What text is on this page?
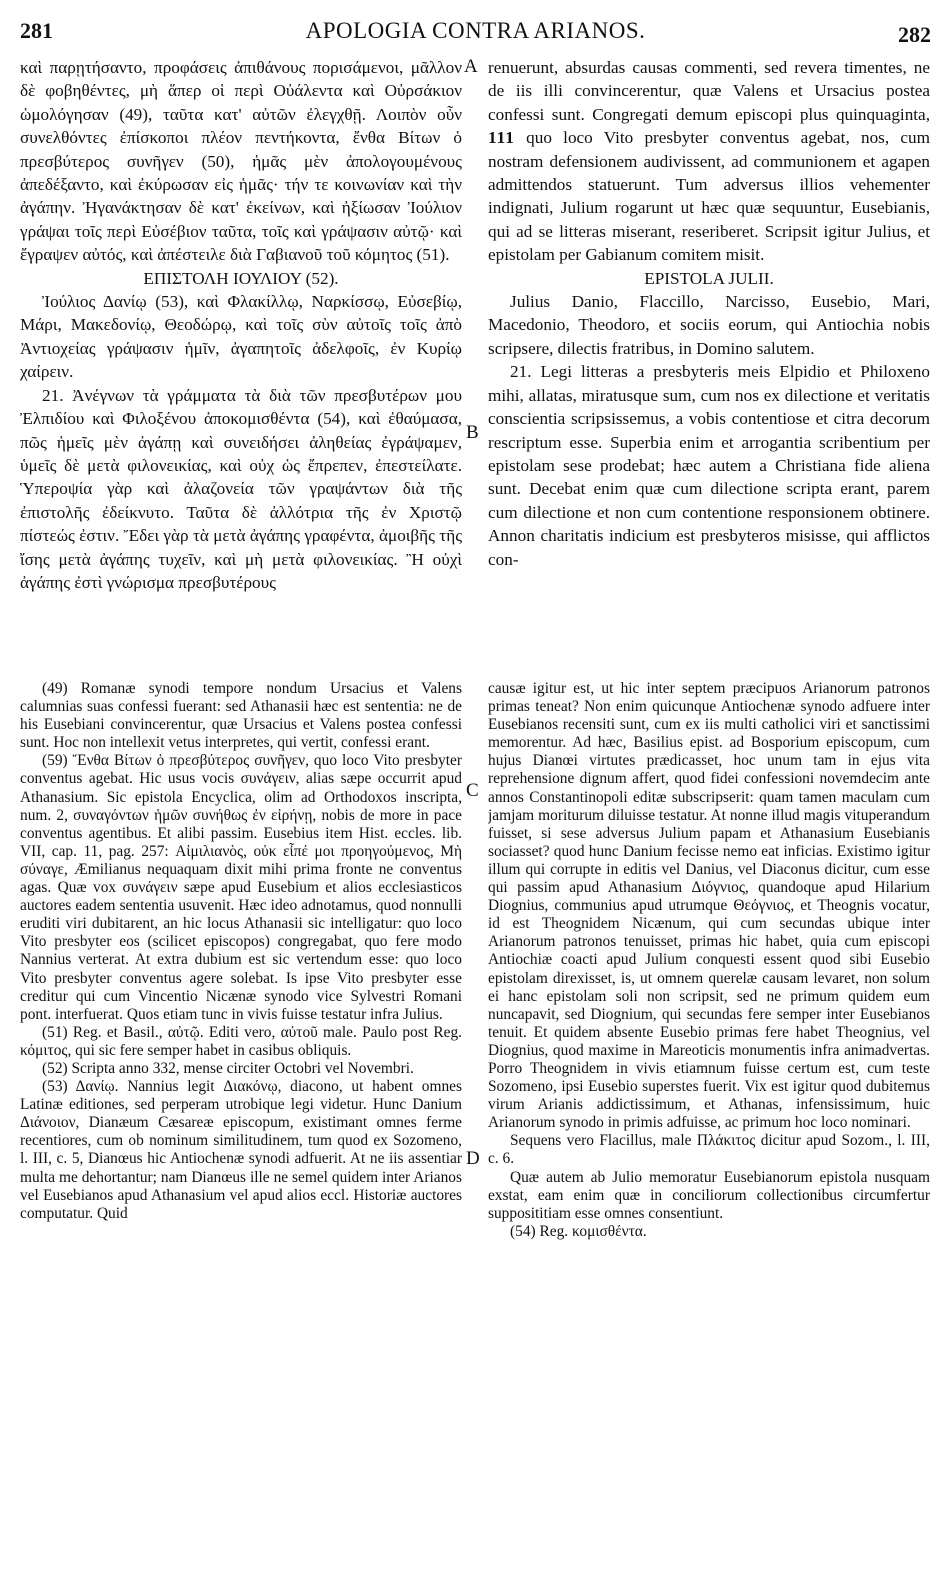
281	APOLOGIA CONTRA ARIANOS.	282
A
B
C
D

καὶ παρῃτήσαντο, προφάσεις ἀπιθάνους πορισάμενοι, μᾶλλον δὲ φοβηθέντες, μὴ ἅπερ οἱ περὶ Οὐάλεντα καὶ Οὐρσάκιον ὡμολόγησαν (49), ταῦτα κατ' αὐτῶν ἐλεγχθῇ. Λοιπὸν οὖν συνελθόντες ἐπίσκοποι πλέον πεντήκοντα, ἔνθα Βίτων ὁ πρεσβύτερος συνῆγεν (50), ἡμᾶς μὲν ἀπολογουμένους ἀπεδέξαντο, καὶ ἐκύρωσαν εἰς ἡμᾶς· τήν τε κοινωνίαν καὶ τὴν ἀγάπην. Ἠγανάκτησαν δὲ κατ' ἐκείνων, καὶ ἠξίωσαν Ἰούλιον γράψαι τοῖς περὶ Εὐσέβιον ταῦτα, τοῖς καὶ γράψασιν αὐτῷ· καὶ ἔγραψεν αὐτός, καὶ ἀπέστειλε διὰ Γαβιανοῦ τοῦ κόμητος (51).

ΕΠΙΣΤΟΛΗ ΙΟΥΛΙΟΥ (52).

Ἰούλιος Δανίῳ (53), καὶ Φλακίλλῳ, Ναρκίσσῳ, Εὐσεβίῳ, Μάρι, Μακεδονίῳ, Θεοδώρῳ, καὶ τοῖς σὺν αὐτοῖς τοῖς ἀπὸ Ἀντιοχείας γράψασιν ἡμῖν, ἀγαπητοῖς ἀδελφοῖς, ἐν Κυρίῳ χαίρειν.

21. Ἀνέγνων τὰ γράμματα τὰ διὰ τῶν πρεσβυτέρων μου Ἐλπιδίου καὶ Φιλοξένου ἀποκομισθέντα (54), καὶ ἐθαύμασα, πῶς ἡμεῖς μὲν ἀγάπῃ καὶ συνειδήσει ἀληθείας ἐγράψαμεν, ὑμεῖς δὲ μετὰ φιλονεικίας, καὶ οὐχ ὡς ἔπρεπεν, ἐπεστείλατε. Ὑπεροψία γὰρ καὶ ἀλαζονεία τῶν γραψάντων διὰ τῆς ἐπιστολῆς ἐδείκνυτο. Ταῦτα δὲ ἀλλότρια τῆς ἐν Χριστῷ πίστεώς ἐστιν. Ἔδει γὰρ τὰ μετὰ ἀγάπης γραφέντα, ἀμοιβῆς τῆς ἴσης μετὰ ἀγάπης τυχεῖν, καὶ μὴ μετὰ φιλονεικίας. Ἢ οὐχὶ ἀγάπης ἐστὶ γνώρισμα πρεσβυτέρους

renuerunt, absurdas causas commenti, sed revera timentes, ne de iis illi convincerentur, quæ Valens et Ursacius postea confessi sunt. Congregati demum episcopi plus quinquaginta, 111 quo loco Vito presbyter conventus agebat, nos, cum nostram defensionem audivissent, ad communionem et agapen admittendos statuerunt. Tum adversus illios vehementer indignati, Julium rogarunt ut hæc quæ sequuntur, Eusebianis, qui ad se litteras miserant, reseriberet. Scripsit igitur Julius, et epistolam per Gabianum comitem misit.

EPISTOLA JULII.

Julius Danio, Flaccillo, Narcisso, Eusebio, Mari, Macedonio, Theodoro, et sociis eorum, qui Antiochia nobis scripsere, dilectis fratribus, in Domino salutem.

21. Legi litteras a presbyteris meis Elpidio et Philoxeno mihi, allatas, miratusque sum, cum nos ex dilectione et veritatis conscientia scripsissemus, a vobis contentiose et citra decorum rescriptum esse. Superbia enim et arrogantia scribentium per epistolam sese prodebat; hæc autem a Christiana fide aliena sunt. Decebat enim quæ cum dilectione scripta erant, parem cum dilectione et non cum contentione responsionem obtinere. Annon charitatis indicium est presbyteros misisse, qui afflictos con-

(49) Romanæ synodi tempore nondum Ursacius et Valens calumnias suas confessi fuerant: sed Athanasii hæc est sententia: ne de his Eusebiani convincerentur, quæ Ursacius et Valens postea confessi sunt. Hoc non intellexit vetus interpretes, qui vertit, confessi erant.

(59) Ἔνθα Βίτων ὁ πρεσβύτερος συνῆγεν, quo loco Vito presbyter conventus agebat. Hic usus vocis συνάγειν, alias sæpe occurrit apud Athanasium. Sic epistola Encyclica, olim ad Orthodoxos inscripta, num. 2, συναγόντων ἡμῶν συνήθως ἐν εἰρήνῃ, nobis de more in pace conventus agentibus. Et alibi passim. Eusebius item Hist. eccles. lib. VII, cap. 11, pag. 257: Αἰμιλιανὸς, οὐκ εἶπέ μοι προηγούμενος, Μὴ σύναγε, Æmilianus nequaquam dixit mihi prima fronte ne conventus agas. Quæ vox συνάγειν sæpe apud Eusebium et alios ecclesiasticos auctores eadem sententia usuvenit. Hæc ideo adnotamus, quod nonnulli eruditi viri dubitarent, an hic locus Athanasii sic intelligatur: quo loco Vito presbyter eos (scilicet episcopos) congregabat, quo fere modo Nannius verterat. At extra dubium est sic vertendum esse: quo loco Vito presbyter conventus agere solebat. Is ipse Vito presbyter esse creditur qui cum Vincentio Nicænæ synodo vice Sylvestri Romani pont. interfuerat. Quos etiam tunc in vivis fuisse testatur infra Julius.

(51) Reg. et Basil., αὐτῷ. Editi vero, αὐτοῦ male. Paulo post Reg. κόμιτος, qui sic fere semper habet in casibus obliquis.

(52) Scripta anno 332, mense circiter Octobri vel Novembri.

(53) Δανίῳ. Nannius legit Διακόνῳ, diacono, ut habent omnes Latinæ editiones, sed perperam utrobique legi videtur. Hunc Danium Διάνοιον, Dianæum Cæsareæ episcopum, existimant omnes ferme recentiores, cum ob nominum similitudinem, tum quod ex Sozomeno, l. III, c. 5, Dianœus hic Antiochenæ synodi adfuerit. At ne iis assentiar multa me dehortantur; nam Dianœus ille ne semel quidem inter Arianos vel Eusebianos apud Athanasium vel apud alios eccl. Historiæ auctores computatur. Quid

causæ igitur est, ut hic inter septem præcipuos Arianorum patronos primas teneat? Non enim quicunque Antiochenæ synodo adfuere inter Eusebianos recensiti sunt, cum ex iis multi catholici viri et sanctissimi memorentur. Ad hæc, Basilius epist. ad Bosporium episcopum, cum hujus Dianœi virtutes prædicasset, hoc unum tam in ejus vita reprehensione dignum affert, quod fidei confessioni novemdecim ante annos Constantinopoli editæ subscripserit: quam tamen maculam cum jamjam moriturum diluisse testatur. At nonne illud magis vituperandum fuisset, si sese adversus Julium papam et Athanasium Eusebianis sociasset? quod hunc Danium fecisse nemo eat inficias. Existimo igitur illum qui corrupte in editis vel Danius, vel Diaconus dicitur, cum esse qui passim apud Athanasium Διόγνιος, quandoque apud Hilarium Diognius, communius apud utrumque Θεόγνιος, et Theognis vocatur, id est Theognidem Nicænum, qui cum secundas ubique inter Arianorum patronos tenuisset, primas hic habet, quia cum episcopi Antiochiæ coacti apud Julium conquesti essent quod sibi Eusebio epistolam direxisset, is, ut omnem querelæ causam levaret, non solum ei hanc epistolam soli non scripsit, sed ne primum quidem eum nuncapavit, sed Diognium, qui secundas fere semper inter Eusebianos tenuit. Et quidem absente Eusebio primas fere habet Theognius, vel Diognius, quod maxime in Mareoticis monumentis infra animadvertas. Porro Theognidem in vivis etiamnum fuisse certum est, cum teste Sozomeno, ipsi Eusebio superstes fuerit. Vix est igitur quod dubitemus virum Arianis addictissimum, et Athanas, infensissimum, huic Arianorum synodo in primis adfuisse, ac primum hoc loco nominari.

Sequens vero Flacillus, male Πλάκιτος dicitur apud Sozom., l. III, c. 6.

Quæ autem ab Julio memoratur Eusebianorum epistola nusquam exstat, eam enim quæ in conciliorum collectionibus circumfertur supposititiam esse omnes consentiunt.

(54) Reg. κομισθέντα.
